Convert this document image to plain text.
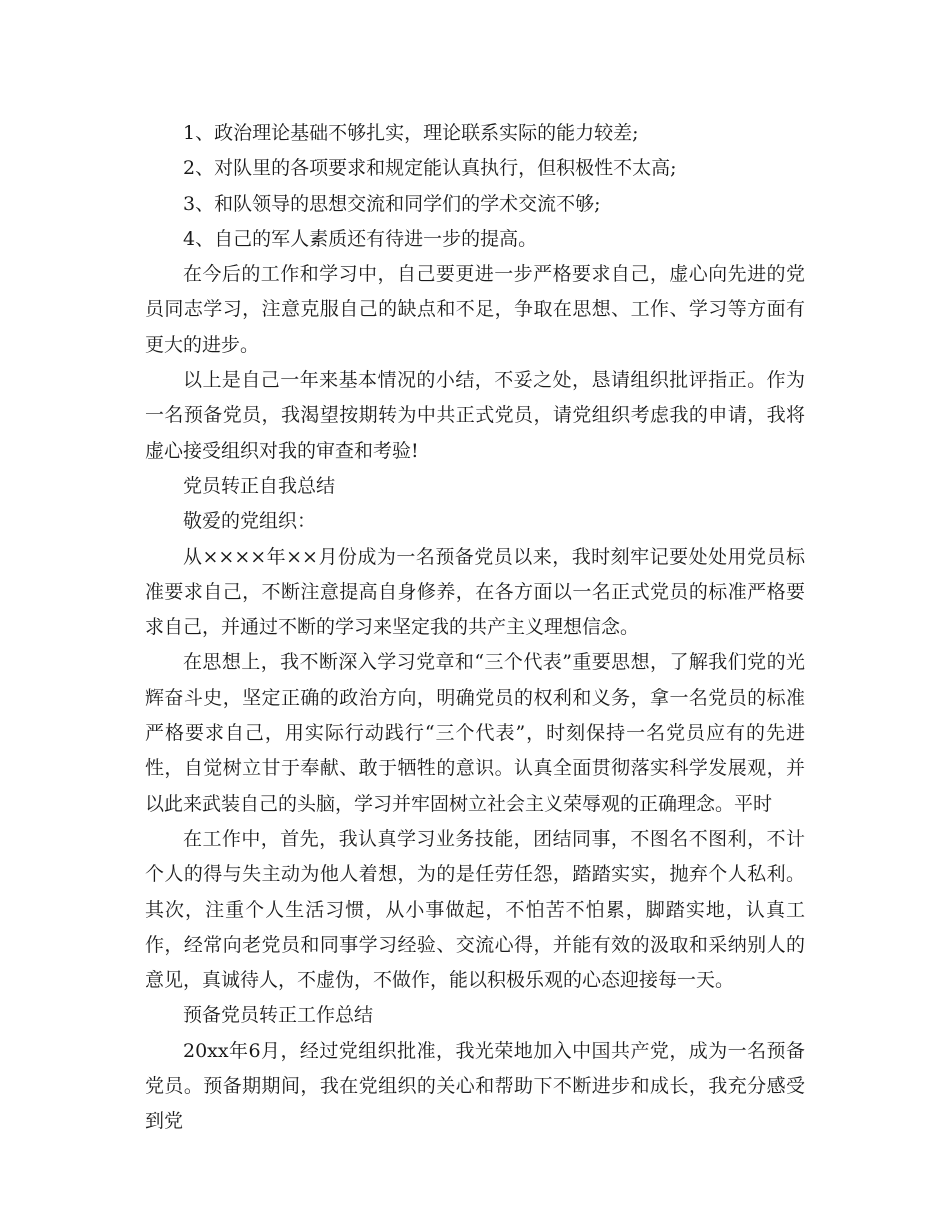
1、政治理论基础不够扎实，理论联系实际的能力较差;

2、对队里的各项要求和规定能认真执行，但积极性不太高;

3、和队领导的思想交流和同学们的学术交流不够;

4、自己的军人素质还有待进一步的提高。

在今后的工作和学习中，自己要更进一步严格要求自己，虚心向先进的党员同志学习，注意克服自己的缺点和不足，争取在思想、工作、学习等方面有更大的进步。

以上是自己一年来基本情况的小结，不妥之处，恳请组织批评指正。作为一名预备党员，我渴望按期转为中共正式党员，请党组织考虑我的申请，我将虚心接受组织对我的审查和考验!

党员转正自我总结

敬爱的党组织：

从××××年××月份成为一名预备党员以来，我时刻牢记要处处用党员标准要求自己，不断注意提高自身修养，在各方面以一名正式党员的标准严格要求自己，并通过不断的学习来坚定我的共产主义理想信念。

在思想上，我不断深入学习党章和“三个代表”重要思想，了解我们党的光辉奋斗史，坚定正确的政治方向，明确党员的权利和义务，拿一名党员的标准严格要求自己，用实际行动践行“三个代表”，时刻保持一名党员应有的先进性，自觉树立甘于奉献、敢于牺牲的意识。认真全面贯彻落实科学发展观，并以此来武装自己的头脑，学习并牢固树立社会主义荣辱观的正确理念。平时

在工作中，首先，我认真学习业务技能，团结同事，不图名不图利，不计个人的得与失主动为他人着想，为的是任劳任怨，踏踏实实，抛弃个人私利。其次，注重个人生活习惯，从小事做起，不怕苦不怕累，脚踏实地，认真工作，经常向老党员和同事学习经验、交流心得，并能有效的汲取和采纳别人的意见，真诚待人，不虚伪，不做作，能以积极乐观的心态迎接每一天。

预备党员转正工作总结

20xx年6月，经过党组织批准，我光荣地加入中国共产党，成为一名预备党员。预备期期间，我在党组织的关心和帮助下不断进步和成长，我充分感受到党
